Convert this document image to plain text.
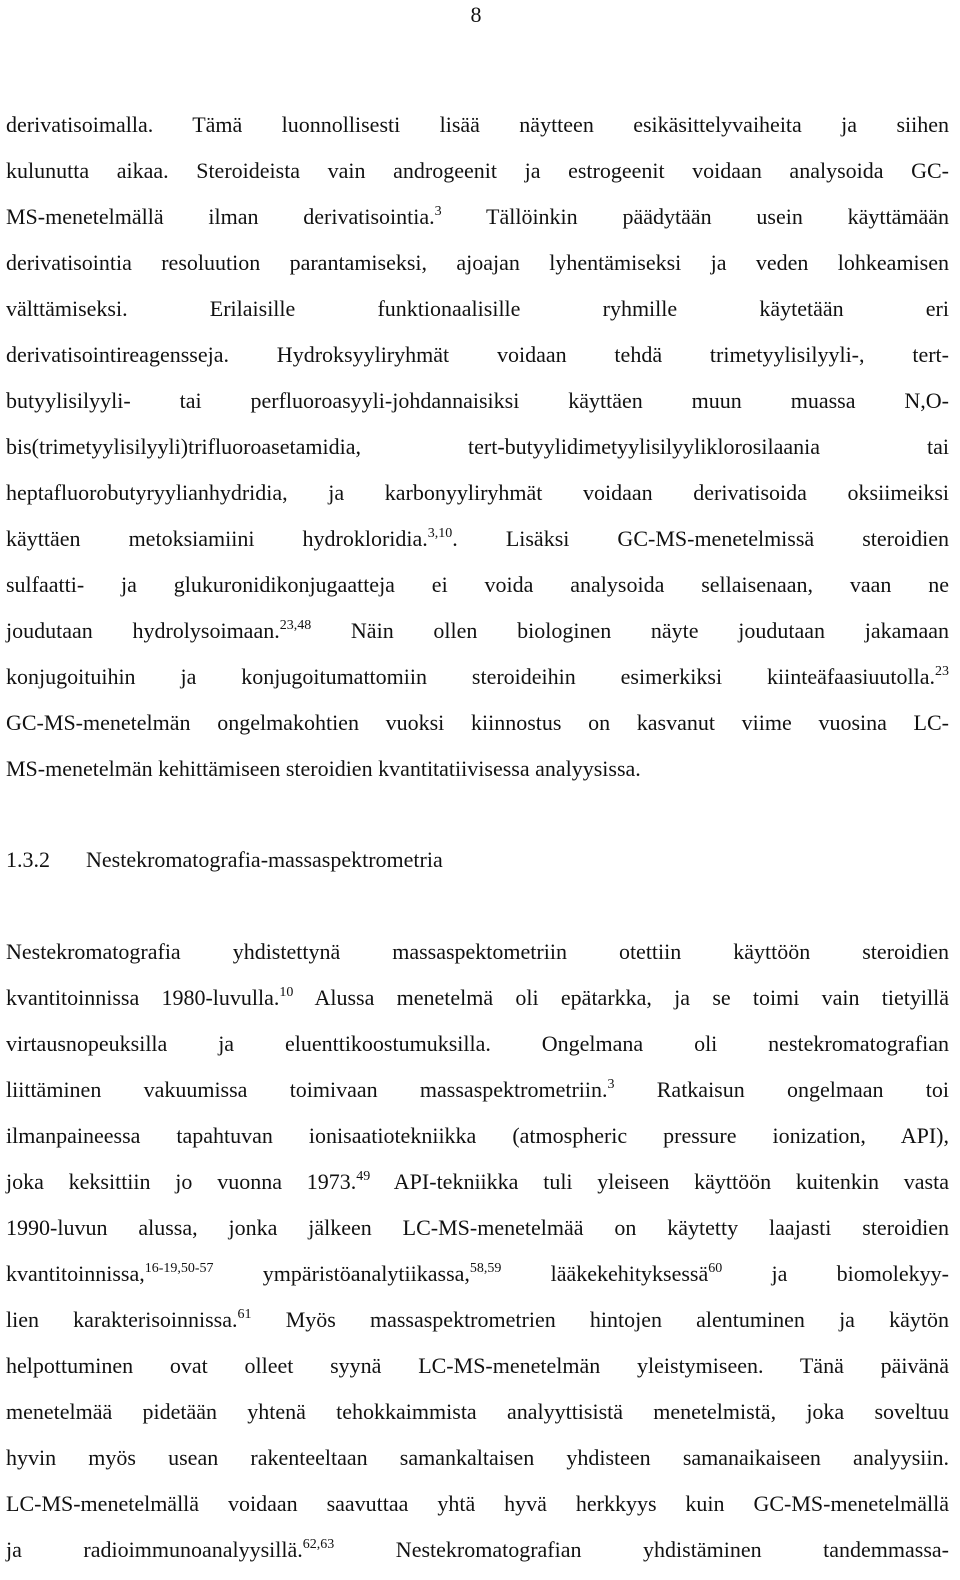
8
derivatisoimalla. Tämä luonnollisesti lisää näytteen esikäsittelyvaiheita ja siihen
kulunutta aikaa. Steroideista vain androgeenit ja estrogeenit voidaan analysoida GC-
MS-menetelmällä ilman derivatisointia.$^3$ Tällöinkin päädytään usein käyttämään
derivatisointia resoluution parantamiseksi, ajoajan lyhentämiseksi ja veden lohkeamisen
välttämiseksi. Erilaisille funktionaalisille ryhmille käytetään eri
derivatisointireagensseja. Hydroksyyliryhmät voidaan tehdä trimetyylisilyyli-, tert-
butyylisilyyli- tai perfluoroasyyli-johdannaisiksi käyttäen muun muassa N,O-
bis(trimetyylisilyyli)trifluoroasetamidia, tert-butyylidimetyylisilyyliklorosilaania tai
heptafluorobutyryylianhydridia, ja karbonyyliryhmät voidaan derivatisoida oksiimeiksi
käyttäen metoksiamiini hydrokloridia.$^{3,10}$. Lisäksi GC-MS-menetelmissä steroidien
sulfaatti- ja glukuronidikonjugaatteja ei voida analysoida sellaisenaan, vaan ne
joudutaan hydrolysoimaan.$^{23,48}$ Näin ollen biologinen näyte joudutaan jakamaan
konjugoituihin ja konjugoitumattomiin steroideihin esimerkiksi kiinteäfaasiuutolla.$^{23}$
GC-MS-menetelmän ongelmakohtien vuoksi kiinnostus on kasvanut viime vuosina LC-
MS-menetelmän kehittämiseen steroidien kvantitatiivisessa analyysissa.
1.3.2 Nestekromatografia-massaspektrometria
Nestekromatografia yhdistettynä massaspektometriin otettiin käyttöön steroidien
kvantitoinnissa 1980-luvulla.$^{10}$ Alussa menetelmä oli epätarkka, ja se toimi vain tietyillä
virtausnopeuksilla ja eluenttikoostumuksilla. Ongelmana oli nestekromatografian
liittäminen vakuumissa toimivaan massaspektrometriin.$^3$ Ratkaisun ongelmaan toi
ilmanpaineessa tapahtuvan ionisaatiotekniikka (atmospheric pressure ionization, API),
joka keksittiin jo vuonna 1973.49 API-tekniikka tuli yleiseen käyttöön kuitenkin vasta
1990-luvun alussa, jonka jälkeen LC-MS-menetelmää on käytetty laajasti steroidien
kvantitoinnissa,$^{16-19,50-57}$ ympäristöanalytiikassa,$^{58,59}$ lääkekehityksessä$^{60}$ ja biomolekyy-
lien karakterisoinnissa.$^{61}$ Myös massaspektrometrien hintojen alentuminen ja käytön
helpottuminen ovat olleet syynä LC-MS-menetelmän yleistymiseen. Tänä päivänä
menetelmää pidetään yhtenä tehokkaimmista analyyttisistä menetelmistä, joka soveltuu
hyvin myös usean rakenteeltaan samankaltaisen yhdisteen samanaikaiseen analyysiin.
LC-MS-menetelmällä voidaan saavuttaa yhtä hyvä herkkyys kuin GC-MS-menetelmällä
ja radioimmunoanalyysillä.$^{62,63}$ Nestekromatografian yhdistäminen tandemmassa-
